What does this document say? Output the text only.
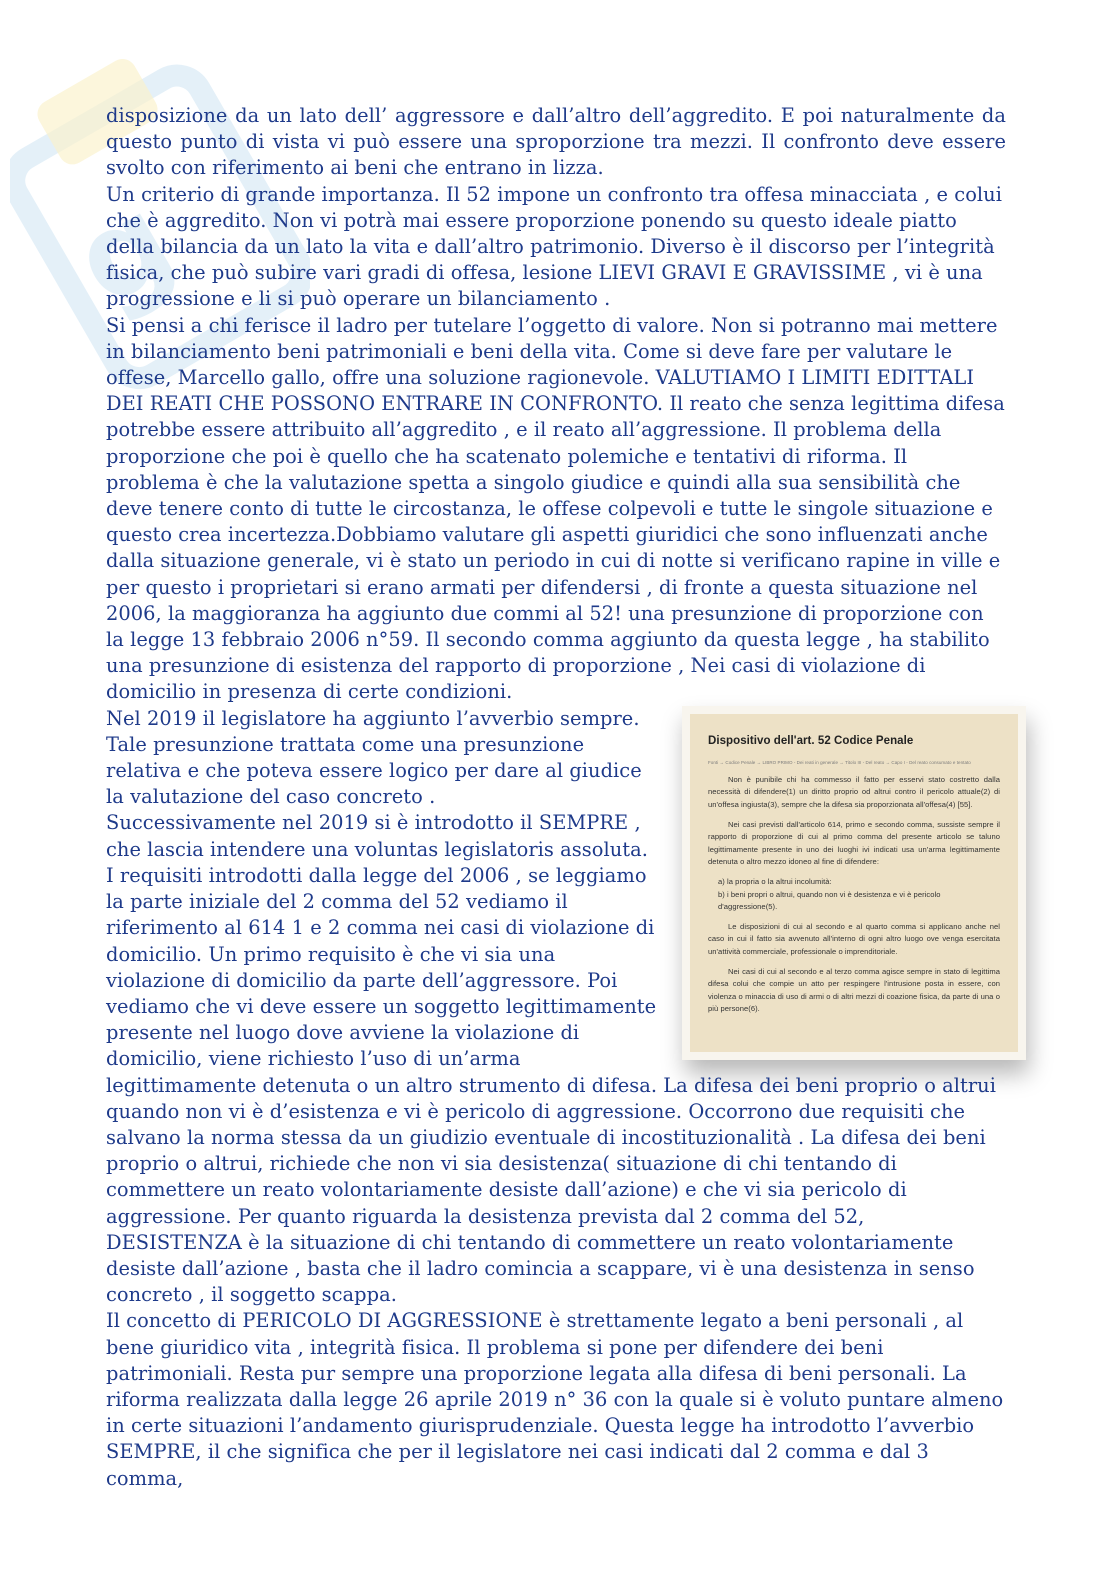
g

disposizione da un lato dell’ aggressore e dall’altro dell’aggredito. E poi naturalmente da questo punto di vista vi può essere una sproporzione tra mezzi. Il confronto deve essere svolto con riferimento ai beni che entrano in lizza.

Un criterio di grande importanza. Il 52 impone un confronto tra offesa minacciata , e colui che è aggredito. Non vi potrà mai essere proporzione ponendo su questo ideale piatto della bilancia da un lato la vita e dall’altro patrimonio. Diverso è il discorso per l’integrità fisica, che può subire vari gradi di offesa, lesione LIEVI GRAVI E GRAVISSIME , vi è una progressione e li si può operare un bilanciamento .

Si pensi a chi ferisce il ladro per tutelare l’oggetto di valore. Non si potranno mai mettere in bilanciamento beni patrimoniali e beni della vita. Come si deve fare per valutare le offese, Marcello gallo, offre una soluzione ragionevole. VALUTIAMO I LIMITI EDITTALI DEI REATI CHE POSSONO ENTRARE IN CONFRONTO. Il reato che senza legittima difesa potrebbe essere attribuito all’aggredito , e il reato all’aggressione. Il problema della proporzione che poi è quello che ha scatenato polemiche e tentativi di riforma. Il problema è che la valutazione spetta a singolo giudice e quindi alla sua sensibilità che deve tenere conto di tutte le circostanza, le offese colpevoli e tutte le singole situazione e questo crea incertezza.Dobbiamo valutare gli aspetti giuridici che sono influenzati anche dalla situazione generale, vi è stato un periodo in cui di notte si verificano rapine in ville e per questo i proprietari si erano armati per difendersi , di fronte a questa situazione nel 2006, la maggioranza ha aggiunto due commi al 52! una presunzione di proporzione con la legge 13 febbraio 2006 n°59. Il secondo comma aggiunto da questa legge , ha stabilito una presunzione di esistenza del rapporto di proporzione , Nei casi di violazione di domicilio in presenza di certe condizioni.

Dispositivo dell'art. 52 Codice Penale
Fonti → Codice Penale → LIBRO PRIMO - Dei reati in generale → Titolo III - Del reato → Capo I - Del reato consumato e tentato
Non è punibile chi ha commesso il fatto per esservi stato costretto dalla necessità di difendere(1) un diritto proprio od altrui contro il pericolo attuale(2) di un'offesa ingiusta(3), sempre che la difesa sia proporzionata all'offesa(4) [55].
Nei casi previsti dall'articolo 614, primo e secondo comma, sussiste sempre il rapporto di proporzione di cui al primo comma del presente articolo se taluno legittimamente presente in uno dei luoghi ivi indicati usa un'arma legittimamente detenuta o altro mezzo idoneo al fine di difendere:
a) la propria o la altrui incolumità:
b) i beni propri o altrui, quando non vi è desistenza e vi è pericolo d'aggressione(5).
Le disposizioni di cui al secondo e al quarto comma si applicano anche nel caso in cui il fatto sia avvenuto all'interno di ogni altro luogo ove venga esercitata un'attività commerciale, professionale o imprenditoriale.
Nei casi di cui al secondo e al terzo comma agisce sempre in stato di legittima difesa colui che compie un atto per respingere l'intrusione posta in essere, con violenza o minaccia di uso di armi o di altri mezzi di coazione fisica, da parte di una o più persone(6).

Nel 2019 il legislatore ha aggiunto l’avverbio sempre. Tale presunzione trattata come una presunzione relativa e che poteva essere logico per dare al giudice la valutazione del caso concreto .

Successivamente nel 2019 si è introdotto il SEMPRE , che lascia intendere una voluntas legislatoris assoluta. I requisiti introdotti dalla legge del 2006 , se leggiamo la parte iniziale del 2 comma del 52 vediamo il riferimento al 614 1 e 2 comma nei casi di violazione di domicilio. Un primo requisito è che vi sia una violazione di domicilio da parte dell’aggressore. Poi vediamo che vi deve essere un soggetto legittimamente presente nel luogo dove avviene la violazione di domicilio, viene richiesto l’uso di un’arma legittimamente detenuta o un altro strumento di difesa. La difesa dei beni proprio o altrui quando non vi è d’esistenza e vi è pericolo di aggressione. Occorrono due requisiti che salvano la norma stessa da un giudizio eventuale di incostituzionalità . La difesa dei beni proprio o altrui, richiede che non vi sia desistenza( situazione di chi tentando di commettere un reato volontariamente desiste dall’azione) e che vi sia pericolo di aggressione. Per quanto riguarda la desistenza prevista dal 2 comma del 52, DESISTENZA è la situazione di chi tentando di commettere un reato volontariamente desiste dall’azione , basta che il ladro comincia a scappare, vi è una desistenza in senso concreto , il soggetto scappa.

Il concetto di PERICOLO DI AGGRESSIONE è strettamente legato a beni personali , al bene giuridico vita , integrità fisica. Il problema si pone per difendere dei beni patrimoniali. Resta pur sempre una proporzione legata alla difesa di beni personali. La riforma realizzata dalla legge 26 aprile 2019 n° 36 con la quale si è voluto puntare almeno in certe situazioni l’andamento giurisprudenziale. Questa legge ha introdotto l’avverbio SEMPRE, il che significa che per il legislatore nei casi indicati dal 2 comma e dal 3 comma,
